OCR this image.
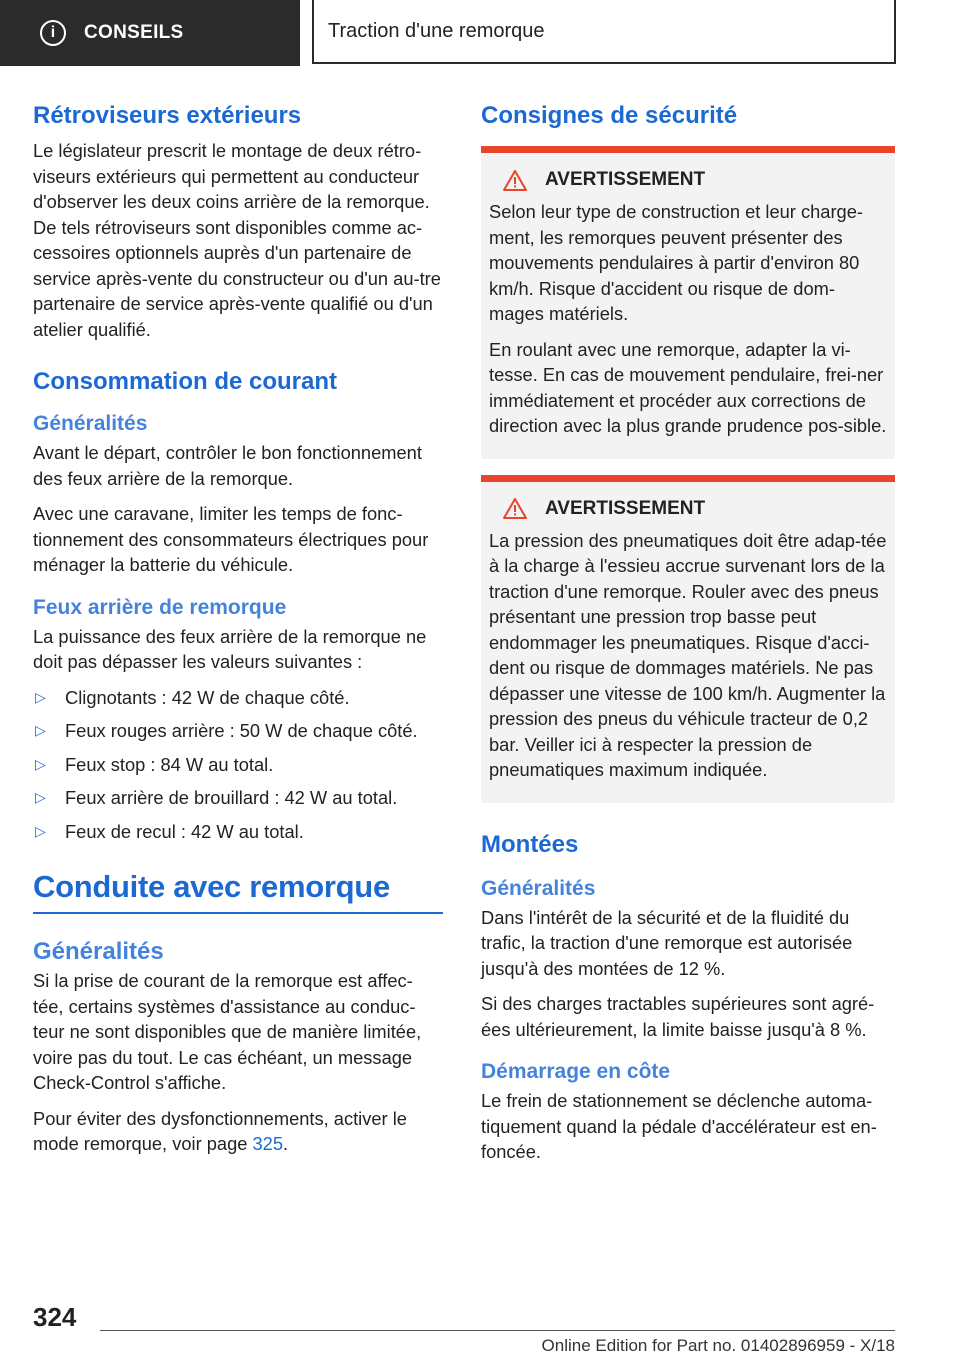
i	CONSEILS	Traction d'une remorque
Rétroviseurs extérieurs

Le législateur prescrit le montage de deux rétro-viseurs extérieurs qui permettent au conducteur d'observer les deux coins arrière de la remorque. De tels rétroviseurs sont disponibles comme ac-cessoires optionnels auprès d'un partenaire de service après-vente du constructeur ou d'un au-tre partenaire de service après-vente qualifié ou d'un atelier qualifié.

Consommation de courant
Généralités

Avant le départ, contrôler le bon fonctionnement des feux arrière de la remorque.

Avec une caravane, limiter les temps de fonc-tionnement des consommateurs électriques pour ménager la batterie du véhicule.

Feux arrière de remorque

La puissance des feux arrière de la remorque ne doit pas dépasser les valeurs suivantes :

▷	Clignotants : 42 W de chaque côté.
▷	Feux rouges arrière : 50 W de chaque côté.
▷	Feux stop : 84 W au total.
▷	Feux arrière de brouillard : 42 W au total.
▷	Feux de recul : 42 W au total.
Conduite avec remorque
Généralités

Si la prise de courant de la remorque est affec-tée, certains systèmes d'assistance au conduc-teur ne sont disponibles que de manière limitée, voire pas du tout. Le cas échéant, un message Check-Control s'affiche.

Pour éviter des dysfonctionnements, activer le mode remorque, voir page 325.

Consignes de sécurité
AVERTISSEMENT

Selon leur type de construction et leur charge-ment, les remorques peuvent présenter des mouvements pendulaires à partir d'environ 80 km/h. Risque d'accident ou risque de dom-mages matériels.

En roulant avec une remorque, adapter la vi-tesse. En cas de mouvement pendulaire, frei-ner immédiatement et procéder aux corrections de direction avec la plus grande prudence pos-sible.

AVERTISSEMENT

La pression des pneumatiques doit être adap-tée à la charge à l'essieu accrue survenant lors de la traction d'une remorque. Rouler avec des pneus présentant une pression trop basse peut endommager les pneumatiques. Risque d'acci-dent ou risque de dommages matériels. Ne pas dépasser une vitesse de 100 km/h. Augmenter la pression des pneus du véhicule tracteur de 0,2 bar. Veiller ici à respecter la pression de pneumatiques maximum indiquée.

Montées
Généralités

Dans l'intérêt de la sécurité et de la fluidité du trafic, la traction d'une remorque est autorisée jusqu'à des montées de 12 %.

Si des charges tractables supérieures sont agré-ées ultérieurement, la limite baisse jusqu'à 8 %.

Démarrage en côte

Le frein de stationnement se déclenche automa-tiquement quand la pédale d'accélérateur est en-foncée.

324
Online Edition for Part no. 01402896959 - X/18
